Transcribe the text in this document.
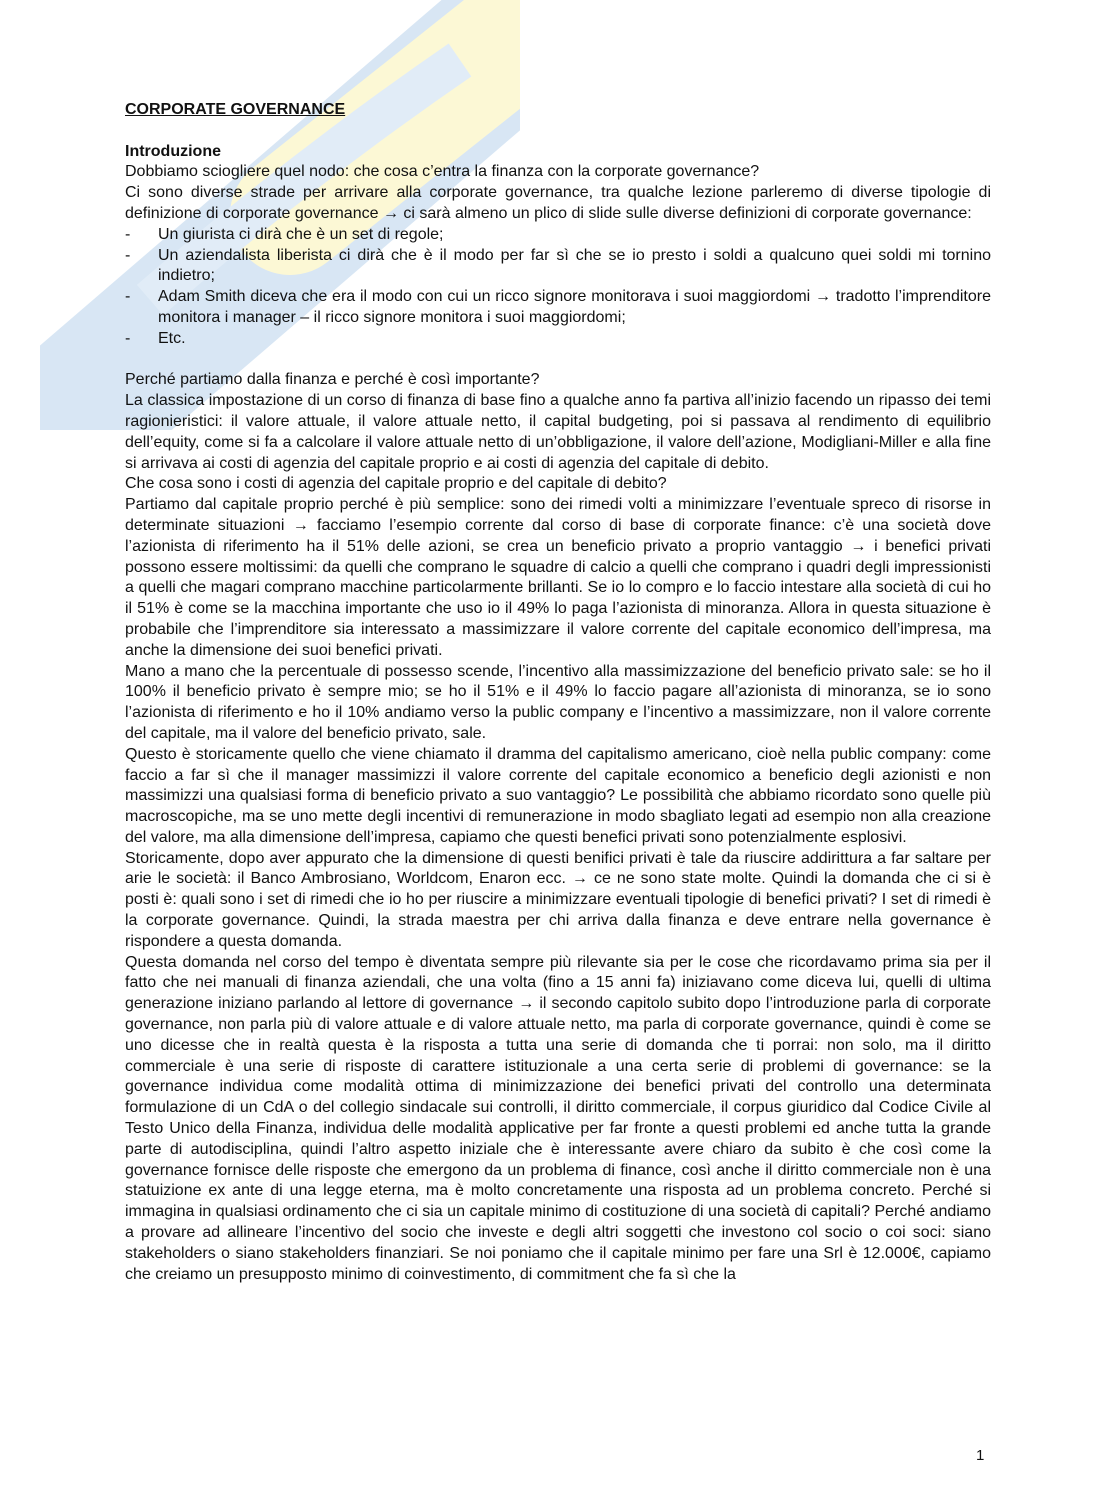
CORPORATE GOVERNANCE

Introduzione

Dobbiamo sciogliere quel nodo: che cosa c’entra la finanza con la corporate governance?

Ci sono diverse strade per arrivare alla corporate governance, tra qualche lezione parleremo di diverse tipologie di definizione di corporate governance → ci sarà almeno un plico di slide sulle diverse definizioni di corporate governance:

- Un giurista ci dirà che è un set di regole;
- Un aziendalista liberista ci dirà che è il modo per far sì che se io presto i soldi a qualcuno quei soldi mi tornino indietro;
- Adam Smith diceva che era il modo con cui un ricco signore monitorava i suoi maggiordomi → tradotto l’imprenditore monitora i manager – il ricco signore monitora i suoi maggiordomi;
- Etc.

Perché partiamo dalla finanza e perché è così importante?

La classica impostazione di un corso di finanza di base fino a qualche anno fa partiva all’inizio facendo un ripasso dei temi ragionieristici: il valore attuale, il valore attuale netto, il capital budgeting, poi si passava al rendimento di equilibrio dell’equity, come si fa a calcolare il valore attuale netto di un’obbligazione, il valore dell’azione, Modigliani-Miller e alla fine si arrivava ai costi di agenzia del capitale proprio e ai costi di agenzia del capitale di debito.

Che cosa sono i costi di agenzia del capitale proprio e del capitale di debito?

Partiamo dal capitale proprio perché è più semplice: sono dei rimedi volti a minimizzare l’eventuale spreco di risorse in determinate situazioni → facciamo l’esempio corrente dal corso di base di corporate finance: c’è una società dove l’azionista di riferimento ha il 51% delle azioni, se crea un beneficio privato a proprio vantaggio → i benefici privati possono essere moltissimi: da quelli che comprano le squadre di calcio a quelli che comprano i quadri degli impressionisti a quelli che magari comprano macchine particolarmente brillanti. Se io lo compro e lo faccio intestare alla società di cui ho il 51% è come se la macchina importante che uso io il 49% lo paga l’azionista di minoranza. Allora in questa situazione è probabile che l’imprenditore sia interessato a massimizzare il valore corrente del capitale economico dell’impresa, ma anche la dimensione dei suoi benefici privati.

Mano a mano che la percentuale di possesso scende, l’incentivo alla massimizzazione del beneficio privato sale: se ho il 100% il beneficio privato è sempre mio; se ho il 51% e il 49% lo faccio pagare all’azionista di minoranza, se io sono l’azionista di riferimento e ho il 10% andiamo verso la public company e l’incentivo a massimizzare, non il valore corrente del capitale, ma il valore del beneficio privato, sale.

Questo è storicamente quello che viene chiamato il dramma del capitalismo americano, cioè nella public company: come faccio a far sì che il manager massimizzi il valore corrente del capitale economico a beneficio degli azionisti e non massimizzi una qualsiasi forma di beneficio privato a suo vantaggio? Le possibilità che abbiamo ricordato sono quelle più macroscopiche, ma se uno mette degli incentivi di remunerazione in modo sbagliato legati ad esempio non alla creazione del valore, ma alla dimensione dell’impresa, capiamo che questi benefici privati sono potenzialmente esplosivi.

Storicamente, dopo aver appurato che la dimensione di questi benifici privati è tale da riuscire addirittura a far saltare per arie le società: il Banco Ambrosiano, Worldcom, Enaron ecc. → ce ne sono state molte. Quindi la domanda che ci si è posti è: quali sono i set di rimedi che io ho per riuscire a minimizzare eventuali tipologie di benefici privati? I set di rimedi è la corporate governance. Quindi, la strada maestra per chi arriva dalla finanza e deve entrare nella governance è rispondere a questa domanda.

Questa domanda nel corso del tempo è diventata sempre più rilevante sia per le cose che ricordavamo prima sia per il fatto che nei manuali di finanza aziendali, che una volta (fino a 15 anni fa) iniziavano come diceva lui, quelli di ultima generazione iniziano parlando al lettore di governance → il secondo capitolo subito dopo l’introduzione parla di corporate governance, non parla più di valore attuale e di valore attuale netto, ma parla di corporate governance, quindi è come se uno dicesse che in realtà questa è la risposta a tutta una serie di domanda che ti porrai: non solo, ma il diritto commerciale è una serie di risposte di carattere istituzionale a una certa serie di problemi di governance: se la governance individua come modalità ottima di minimizzazione dei benefici privati del controllo una determinata formulazione di un CdA o del collegio sindacale sui controlli, il diritto commerciale, il corpus giuridico dal Codice Civile al Testo Unico della Finanza, individua delle modalità applicative per far fronte a questi problemi ed anche tutta la grande parte di autodisciplina, quindi l’altro aspetto iniziale che è interessante avere chiaro da subito è che così come la governance fornisce delle risposte che emergono da un problema di finance, così anche il diritto commerciale non è una statuizione ex ante di una legge eterna, ma è molto concretamente una risposta ad un problema concreto. Perché si immagina in qualsiasi ordinamento che ci sia un capitale minimo di costituzione di una società di capitali? Perché andiamo a provare ad allineare l’incentivo del socio che investe e degli altri soggetti che investono col socio o coi soci: siano stakeholders o siano stakeholders finanziari. Se noi poniamo che il capitale minimo per fare una Srl è 12.000€, capiamo che creiamo un presupposto minimo di coinvestimento, di commitment che fa sì che la

1
